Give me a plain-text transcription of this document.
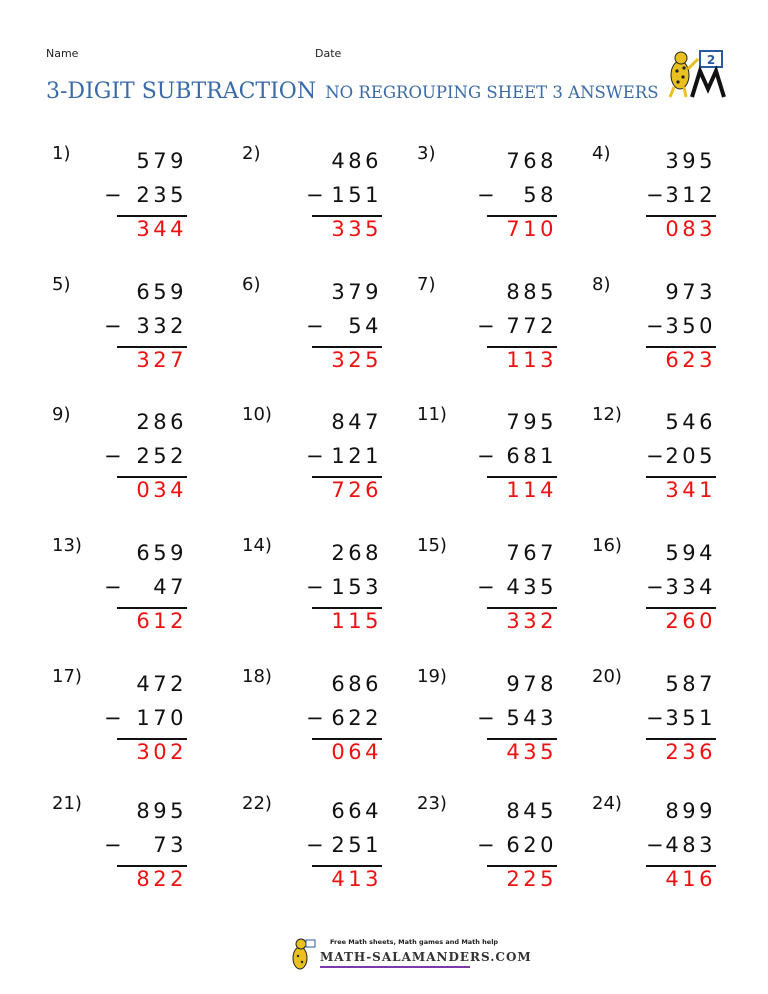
Name	Date
3-DIGIT SUBTRACTION NO REGROUPING SHEET 3 ANSWERS
2
1)	579
− 235
344
2)	486
− 151
335
3)	768
−	58
710
4)	395
− 312
083
5)	659
− 332
327
6)	379
−	54
325
7)	885
− 772
113
8)	973
− 350
623
9)	286
− 252
034
10)	847
− 121
726
11)	795
− 681
114
12)	546
− 205
341
13)	659
−	47
612
14)	268
− 153
115
15)	767
− 435
332
16)	594
− 334
260
17)	472
− 170
302
18)	686
− 622
064
19)	978
− 543
435
20)	587
− 351
236
21)	895
−	73
822
22)	664
− 251
413
23)	845
− 620
225
24)	899
− 483
416
Free Math sheets, Math games and Math help
MATH-SALAMANDERS.COM
